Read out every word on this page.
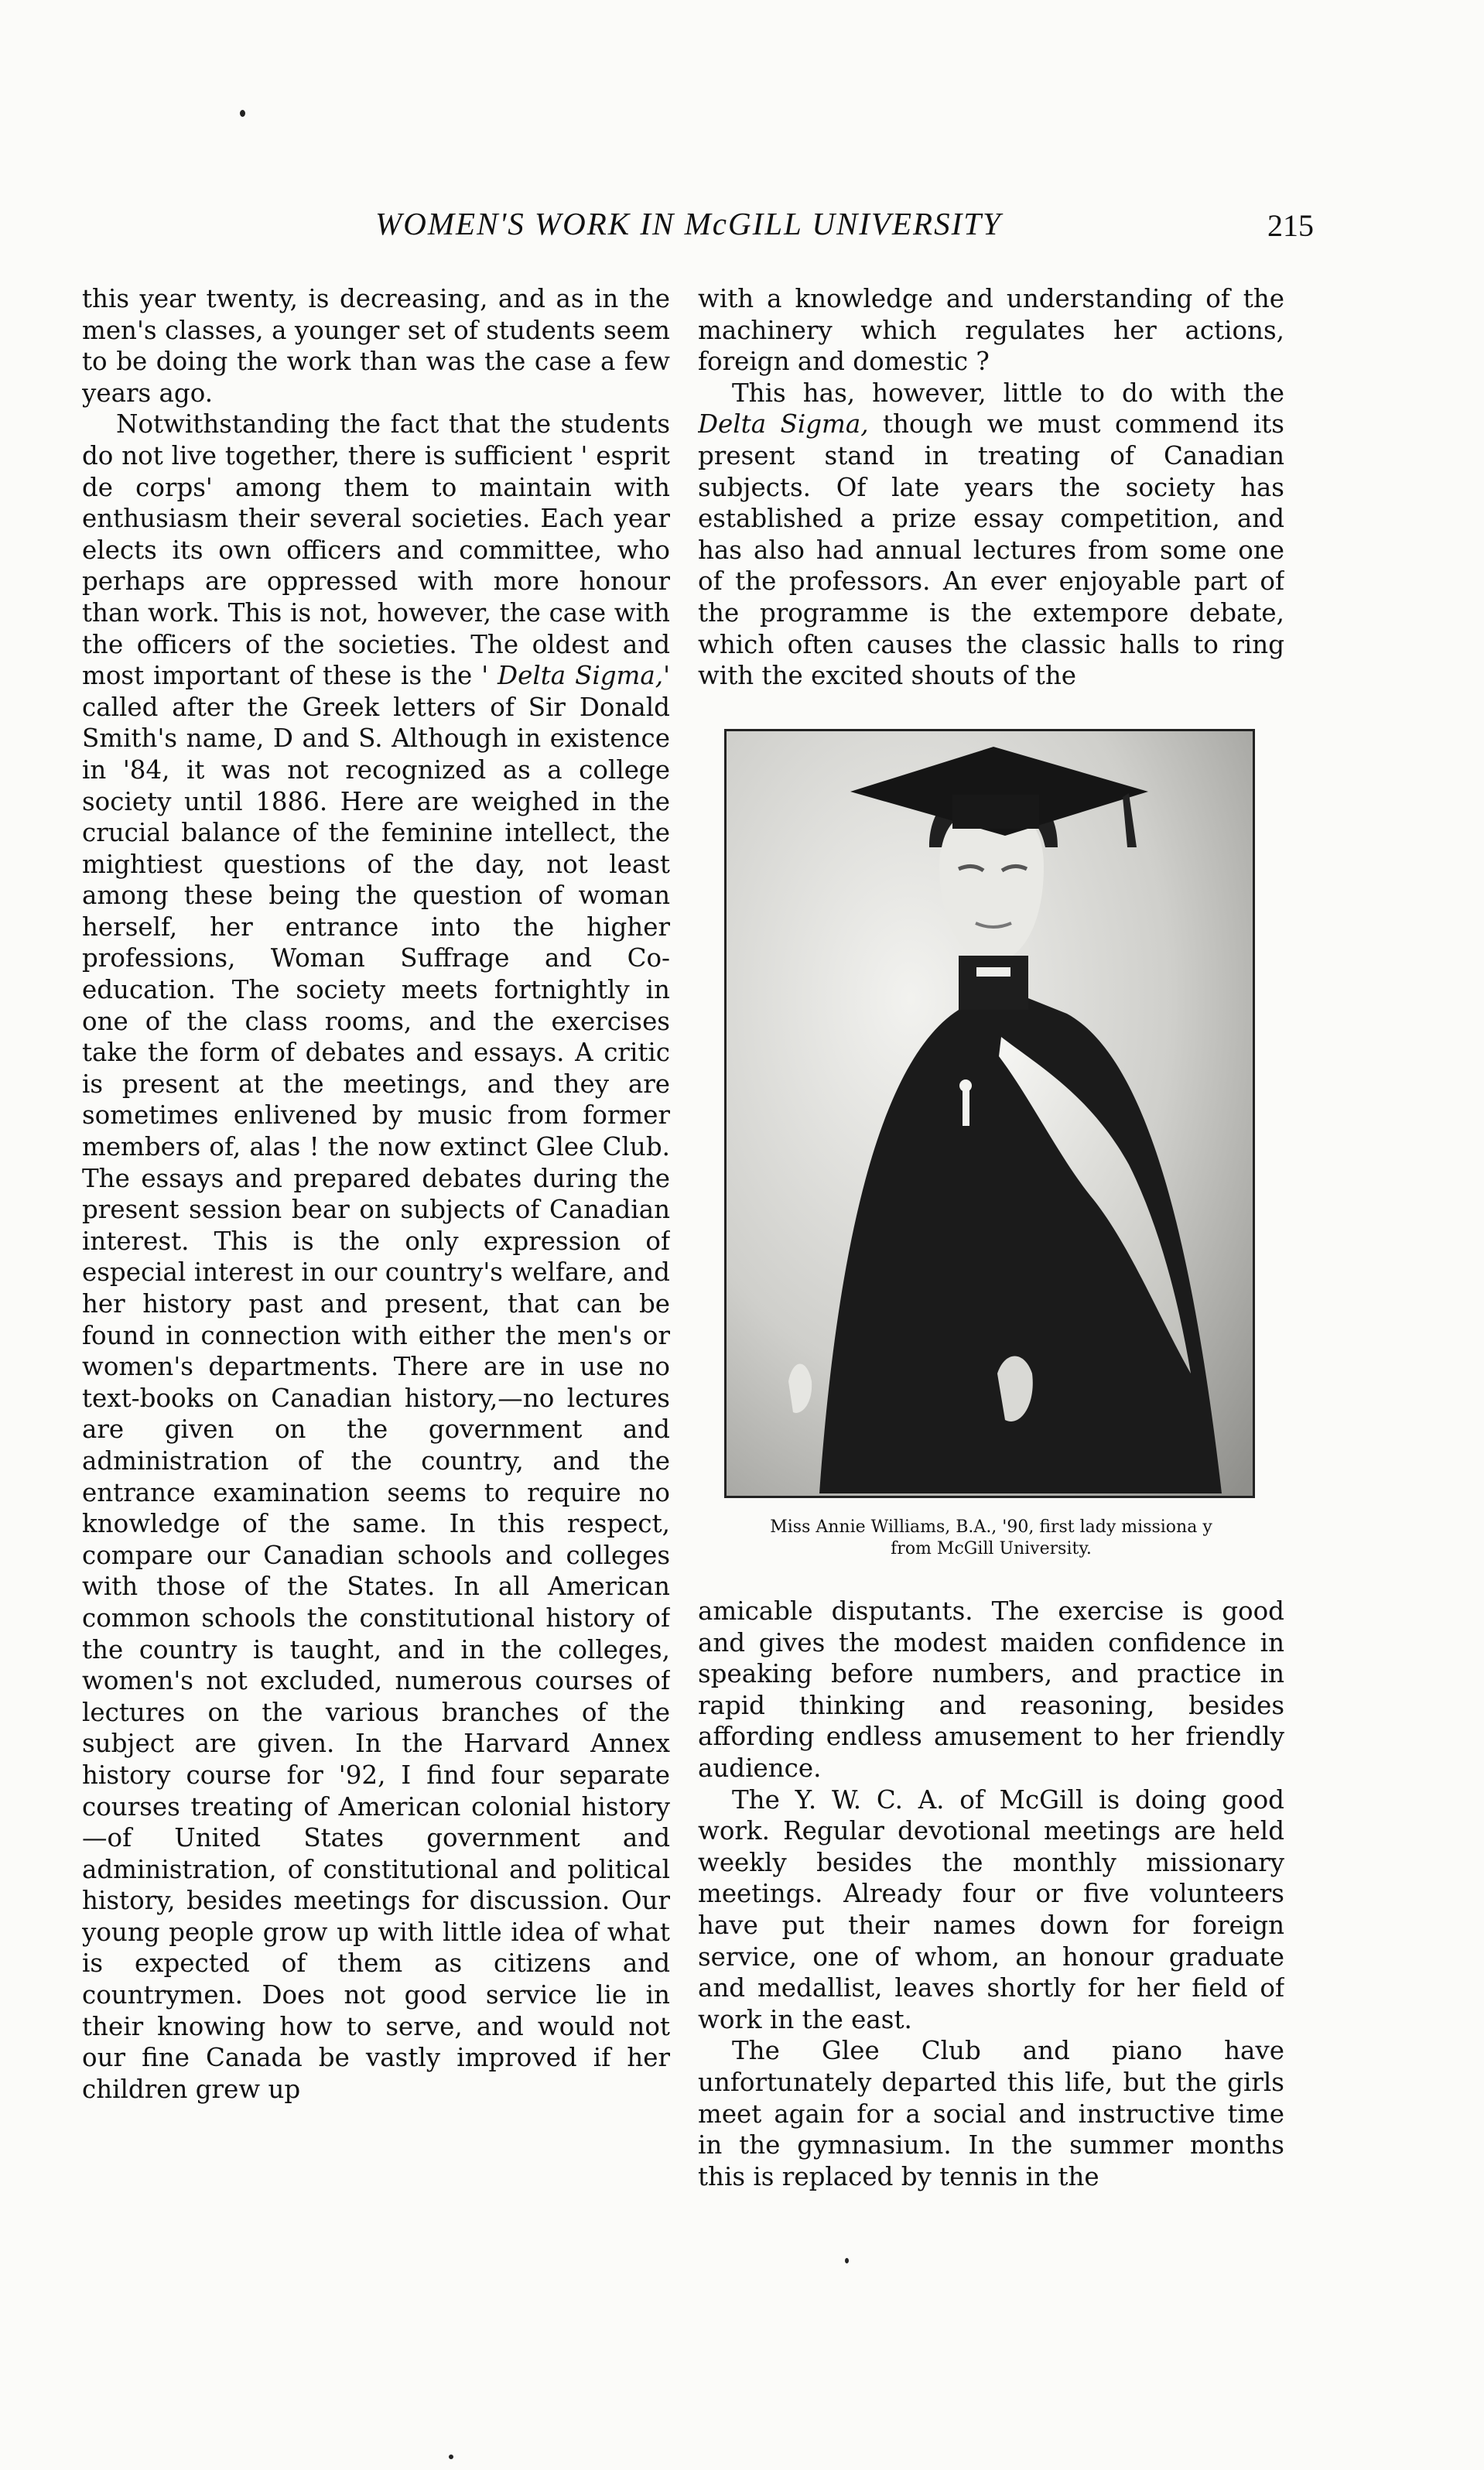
WOMEN'S WORK IN McGILL UNIVERSITY	215

this year twenty, is decreasing, and as in the men's classes, a younger set of students seem to be doing the work than was the case a few years ago.

Notwithstanding the fact that the students do not live together, there is sufficient ' esprit de corps' among them to maintain with enthusiasm their several societies. Each year elects its own officers and committee, who perhaps are oppressed with more honour than work. This is not, however, the case with the officers of the societies. The oldest and most important of these is the ' Delta Sigma,' called after the Greek letters of Sir Donald Smith's name, D and S. Although in existence in '84, it was not recognized as a college society until 1886. Here are weighed in the crucial balance of the feminine intellect, the mightiest questions of the day, not least among these being the question of woman herself, her entrance into the higher professions, Woman Suffrage and Co-education. The society meets fortnightly in one of the class rooms, and the exercises take the form of debates and essays. A critic is present at the meetings, and they are sometimes enlivened by music from former members of, alas ! the now extinct Glee Club. The essays and prepared debates during the present session bear on subjects of Canadian interest. This is the only expression of especial interest in our country's welfare, and her history past and present, that can be found in connection with either the men's or women's departments. There are in use no text-books on Canadian history,—no lectures are given on the government and administration of the country, and the entrance examination seems to require no knowledge of the same. In this respect, compare our Canadian schools and colleges with those of the States. In all American common schools the constitutional history of the country is taught, and in the colleges, women's not excluded, numerous courses of lectures on the various branches of the subject are given. In the Harvard Annex history course for '92, I find four separate courses treating of American colonial history—of United States government and administration, of constitutional and political history, besides meetings for discussion. Our young people grow up with little idea of what is expected of them as citizens and countrymen. Does not good service lie in their knowing how to serve, and would not our fine Canada be vastly improved if her children grew up

with a knowledge and understanding of the machinery which regulates her actions, foreign and domestic ?

This has, however, little to do with the Delta Sigma, though we must commend its present stand in treating of Canadian subjects. Of late years the society has established a prize essay competition, and has also had annual lectures from some one of the professors. An ever enjoyable part of the programme is the extempore debate, which often causes the classic halls to ring with the excited shouts of the

Miss Annie Williams, B.A., '90, first lady missiona y
from McGill University.

amicable disputants. The exercise is good and gives the modest maiden confidence in speaking before numbers, and practice in rapid thinking and reasoning, besides affording endless amusement to her friendly audience.

The Y. W. C. A. of McGill is doing good work. Regular devotional meetings are held weekly besides the monthly missionary meetings. Already four or five volunteers have put their names down for foreign service, one of whom, an honour graduate and medallist, leaves shortly for her field of work in the east.

The Glee Club and piano have unfortunately departed this life, but the girls meet again for a social and instructive time in the gymnasium. In the summer months this is replaced by tennis in the
